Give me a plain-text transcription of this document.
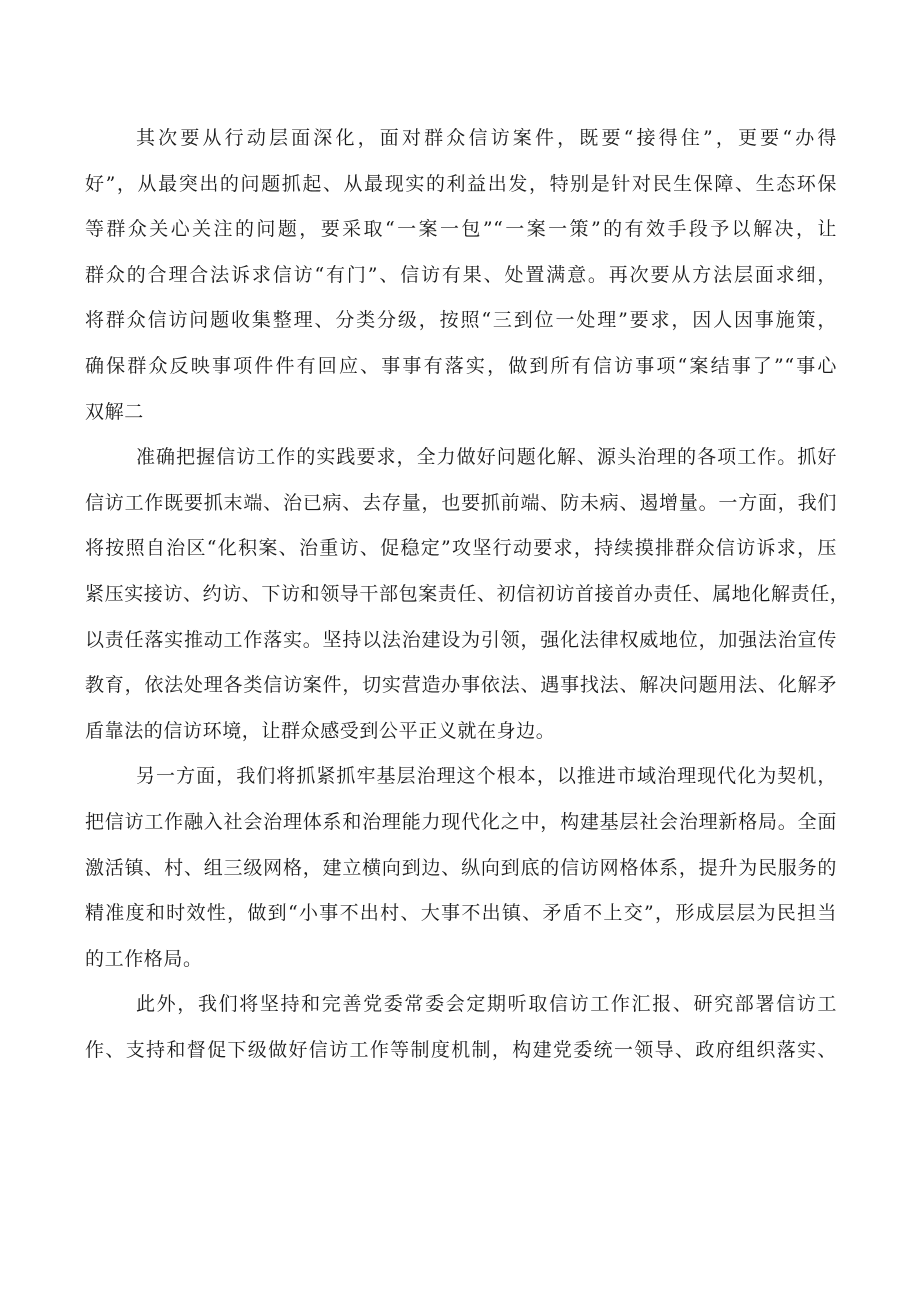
其次要从行动层面深化，面对群众信访案件，既要“接得住”，更要“办得
好”，从最突出的问题抓起、从最现实的利益出发，特别是针对民生保障、生态环保
等群众关心关注的问题，要采取“一案一包”“一案一策”的有效手段予以解决，让
群众的合理合法诉求信访“有门”、信访有果、处置满意。再次要从方法层面求细，
将群众信访问题收集整理、分类分级，按照“三到位一处理”要求，因人因事施策，
确保群众反映事项件件有回应、事事有落实，做到所有信访事项“案结事了”“事心
双解二
准确把握信访工作的实践要求，全力做好问题化解、源头治理的各项工作。抓好
信访工作既要抓末端、治已病、去存量，也要抓前端、防未病、遏增量。一方面，我们
将按照自治区“化积案、治重访、促稳定”攻坚行动要求，持续摸排群众信访诉求，压
紧压实接访、约访、下访和领导干部包案责任、初信初访首接首办责任、属地化解责任，
以责任落实推动工作落实。坚持以法治建设为引领，强化法律权威地位，加强法治宣传
教育，依法处理各类信访案件，切实营造办事依法、遇事找法、解决问题用法、化解矛
盾靠法的信访环境，让群众感受到公平正义就在身边。
另一方面，我们将抓紧抓牢基层治理这个根本，以推进市域治理现代化为契机，
把信访工作融入社会治理体系和治理能力现代化之中，构建基层社会治理新格局。全面
激活镇、村、组三级网格，建立横向到边、纵向到底的信访网格体系，提升为民服务的
精准度和时效性，做到“小事不出村、大事不出镇、矛盾不上交”，形成层层为民担当
的工作格局。
此外，我们将坚持和完善党委常委会定期听取信访工作汇报、研究部署信访工
作、支持和督促下级做好信访工作等制度机制，构建党委统一领导、政府组织落实、
